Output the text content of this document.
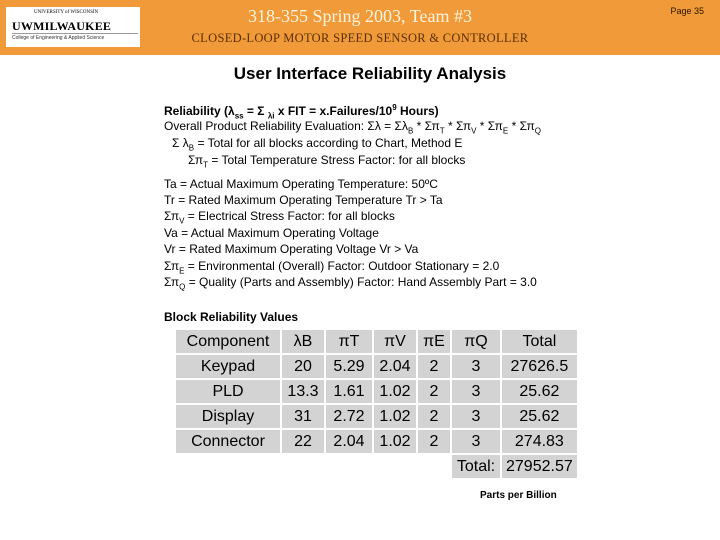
UNIVERSITY of WISCONSIN
UWMILWAUKEE
College of Engineering & Applied Science
318-355 Spring 2003, Team #3
CLOSED-LOOP MOTOR SPEED SENSOR & CONTROLLER
Page 35
User Interface Reliability Analysis
Reliability ($\lambda_{ss} = \Sigma$ $_{\lambda i}$ x FIT = $x.Failures/10^9$ Hours)
Overall Product Reliability Evaluation: $\Sigma\lambda = \Sigma\lambda_B * \Sigma\pi_T * \Sigma\pi_V * \Sigma\pi_E * \Sigma\pi_Q$
Σ $\lambda_B$ = Total for all blocks according to Chart, Method E
$\Sigma\pi_T$ = Total Temperature Stress Factor: for all blocks
Ta = Actual Maximum Operating Temperature: 50ºC
Tr = Rated Maximum Operating Temperature Tr > Ta
$\Sigma\pi_V$ = Electrical Stress Factor: for all blocks
Va = Actual Maximum Operating Voltage
Vr = Rated Maximum Operating Voltage Vr > Va
$\Sigma\pi_E$ = Environmental (Overall) Factor: Outdoor Stationary = 2.0
$\Sigma\pi_Q$ = Quality (Parts and Assembly) Factor: Hand Assembly Part = 3.0
Block Reliability Values
Component	λB	πT	πV	πE	πQ	Total
Keypad	20	5.29	2.04	2	3	27626.5
PLD	13.3	1.61	1.02	2	3	25.62
Display	31	2.72	1.02	2	3	25.62
Connector	22	2.04	1.02	2	3	274.83
					Total:	27952.57
Parts per Billion
